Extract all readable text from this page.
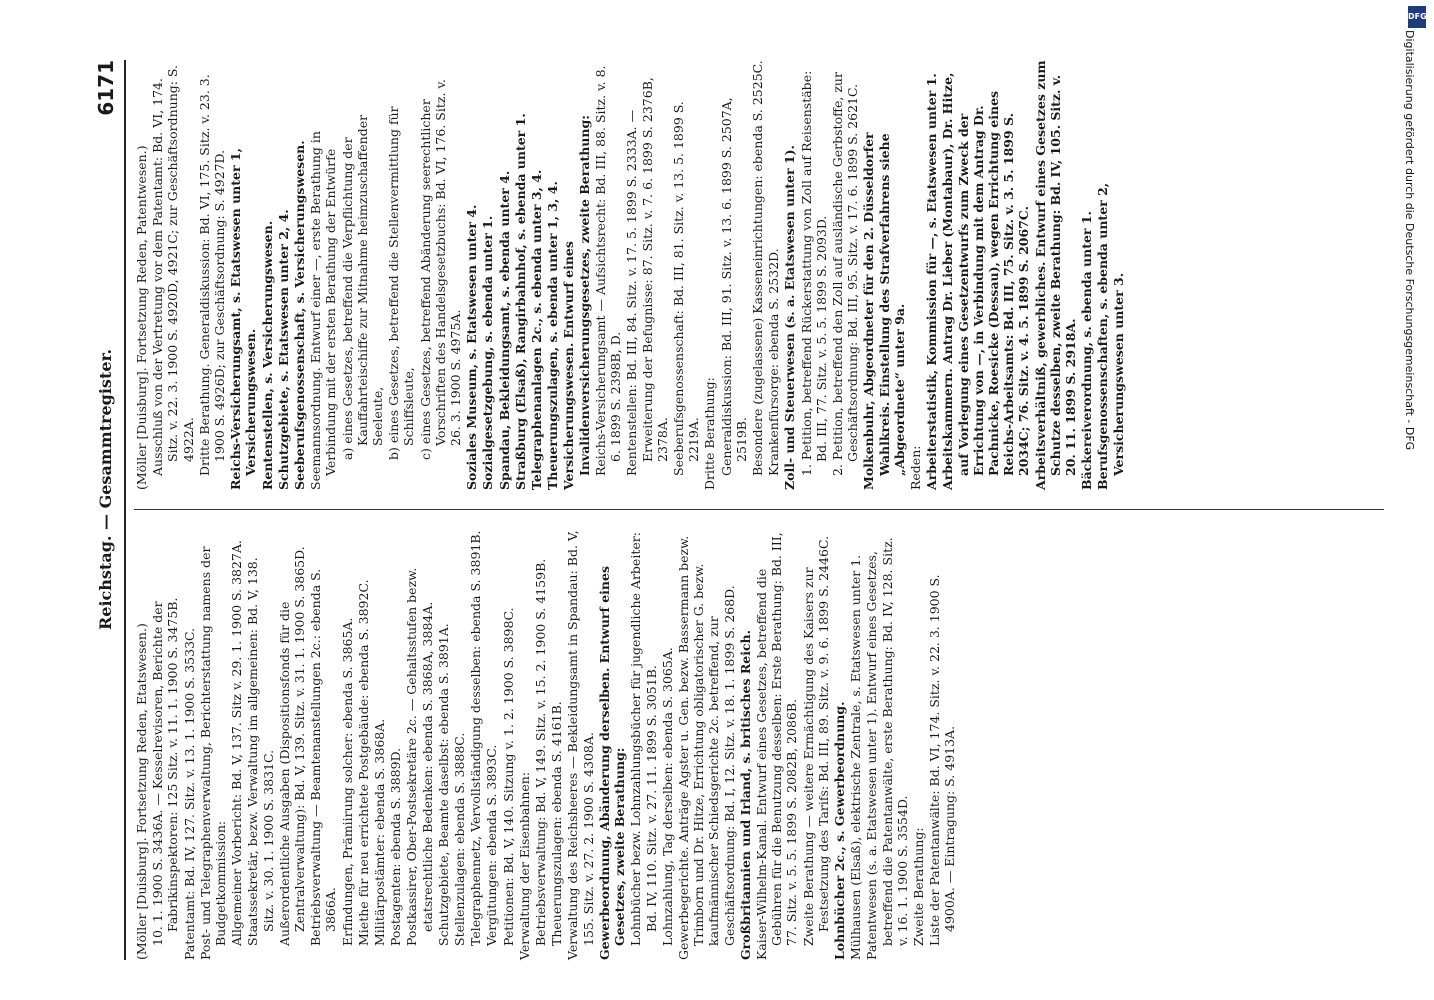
Reichstag. — Gesammtregister.
6171

(Möller [Duisburg]. Fortsetzung Reden, Etatswesen.) 10. 1. 1900 S. 3436A. — Kesselrevisoren, Berichte der Fabrikinspektoren: 125 Sitz. v. 11. 1. 1900 S. 3475B. Patentamt: Bd. IV, 127. Sitz. v. 13. 1. 1900 S. 3533C. Post- und Telegraphenverwaltung, Berichterstattung namens der Budgetkommission: Allgemeiner Vorbericht: Bd. V, 137. Sitz v. 29. 1. 1900 S. 3827A. Staatssekretär, bezw. Verwaltung im allgemeinen: Bd. V, 138. Sitz. v. 30. 1. 1900 S. 3831C. Außerordentliche Ausgaben (Dispositionsfonds für die Zentralverwaltung): Bd. V, 139. Sitz. v. 31. 1. 1900 S. 3865D. Betriebsverwaltung — Beamtenanstellungen 2c.: ebenda S. 3866A. Erfindungen, Prämiirung solcher: ebenda S. 3865A. Miethe für neu errichtete Postgebäude: ebenda S. 3892C. Militärpostämter: ebenda S. 3868A. Postagenten: ebenda S. 3889D. Postkassirer, Ober-Postsekretäre 2c. — Gehaltsstufen bezw. etatsrechtliche Bedenken: ebenda S. 3868A, 3884A. Schutzgebiete, Beamte daselbst: ebenda S. 3891A. Stellenzulagen: ebenda S. 3888C. Telegraphennetz, Vervollständigung desselben: ebenda S. 3891B. Vergütungen: ebenda S. 3893C. Petitionen: Bd. V, 140. Sitzung v. 1. 2. 1900 S. 3898C. Verwaltung der Eisenbahnen: Betriebsverwaltung: Bd. V, 149. Sitz. v. 15. 2. 1900 S. 4159B. Theuerungszulagen: ebenda S. 4161B. Verwaltung des Reichsheeres — Bekleidungsamt in Spandau: Bd. V, 155. Sitz. v. 27. 2. 1900 S. 4308A. Gewerbeordnung, Abänderung derselben. Entwurf eines Gesetzes, zweite Berathung: Lohnbücher bezw. Lohnzahlungsbücher für jugendliche Arbeiter: Bd. IV, 110. Sitz. v. 27. 11. 1899 S. 3051B. Lohnzahlung, Tag derselben: ebenda S. 3065A. Gewerbegerichte. Anträge Agster u. Gen. bezw. Bassermann bezw. Trimborn und Dr. Hitze, Errichtung obligatorischer G. bezw. kaufmännischer Schiedsgerichte 2c. betreffend, zur Geschäftsordnung: Bd. I, 12. Sitz. v. 18. 1. 1899 S. 268D. Großbritannien und Irland, s. britisches Reich. Kaiser-Wilhelm-Kanal. Entwurf eines Gesetzes, betreffend die Gebühren für die Benutzung desselben: Erste Berathung: Bd. III, 77. Sitz. v. 5. 5. 1899 S. 2082B, 2086B. Zweite Berathung — weitere Ermächtigung des Kaisers zur Festsetzung des Tarifs: Bd. III, 89. Sitz. v. 9. 6. 1899 S. 2446C. Lohnbücher 2c., s. Gewerbeordnung. Mülhausen (Elsaß), elektrische Zentrale, s. Etatswesen unter 1. Patentwesen (s. a. Etatswesen unter 1). Entwurf eines Gesetzes, betreffend die Patentanwälte, erste Berathung: Bd. IV, 128. Sitz. v. 16. 1. 1900 S. 3554D. Zweite Berathung: Liste der Patentanwälte: Bd. VI, 174. Sitz. v. 22. 3. 1900 S. 4900A. — Eintragung: S. 4913A.

(Möller [Duisburg]. Fortsetzung Reden, Patentwesen.) Ausschluß von der Vertretung vor dem Patentamt: Bd. VI, 174. Sitz. v. 22. 3. 1900 S. 4920D, 4921C; zur Geschäftsordnung: S. 4922A. Dritte Berathung. Generaldiskussion: Bd. VI, 175. Sitz. v. 23. 3. 1900 S. 4926D; zur Geschäftsordnung: S. 4927D. Reichs-Versicherungsamt, s. Etatswesen unter 1, Versicherungswesen. Rentenstellen, s. Versicherungswesen. Schutzgebiete, s. Etatswesen unter 2, 4. Seeberufsgenossenschaft, s. Versicherungswesen. Seemannsordnung. Entwurf einer —, erste Berathung in Verbindung mit der ersten Berathung der Entwürfe a) eines Gesetzes, betreffend die Verpflichtung der Kauffahrteischiffe zur Mitnahme heimzuschaffender Seeleute, b) eines Gesetzes, betreffend die Stellenvermittlung für Schiffsleute, c) eines Gesetzes, betreffend Abänderung seerechtlicher Vorschriften des Handelsgesetzbuchs: Bd. VI, 176. Sitz. v. 26. 3. 1900 S. 4975A. Soziales Museum, s. Etatswesen unter 4. Sozialgesetzgebung, s. ebenda unter 1. Spandau, Bekleidungsamt, s. ebenda unter 4. Straßburg (Elsaß), Rangirbahnhof, s. ebenda unter 1. Telegraphenanlagen 2c., s. ebenda unter 3, 4. Theuerungszulagen, s. ebenda unter 1, 3, 4. Versicherungswesen. Entwurf eines Invalidenversicherungsgesetzes, zweite Berathung: Reichs-Versicherungsamt — Aufsichtsrecht: Bd. III, 88. Sitz. v. 8. 6. 1899 S. 2398B, D. Rentenstellen: Bd. III, 84. Sitz. v. 17. 5. 1899 S. 2333A. — Erweiterung der Befugnisse: 87. Sitz. v. 7. 6. 1899 S. 2376B, 2378A. Seeberufsgenossenschaft: Bd. III, 81. Sitz. v. 13. 5. 1899 S. 2219A. Dritte Berathung: Generaldiskussion: Bd. III, 91. Sitz. v. 13. 6. 1899 S. 2507A, 2519B. Besondere (zugelassene) Kasseneinrichtungen: ebenda S. 2525C. Krankenfürsorge: ebenda S. 2532D. Zoll- und Steuerwesen (s. a. Etatswesen unter 1). 1. Petition, betreffend Rückerstattung von Zoll auf Reisenstäbe: Bd. III, 77. Sitz. v. 5. 5. 1899 S. 2093D. 2. Petition, betreffend den Zoll auf ausländische Gerbstoffe, zur Geschäftsordnung: Bd. III, 95. Sitz. v. 17. 6. 1899 S. 2621C. Molkenbuhr, Abgeordneter für den 2. Düsseldorfer Wahlkreis. Einstellung des Strafverfahrens siehe „Abgeordnete“ unter 9a. Reden: Arbeiterstatistik, Kommission für —, s. Etatswesen unter 1. Arbeitskammern. Antrag Dr. Lieber (Montabaur), Dr. Hitze, auf Vorlegung eines Gesetzentwurfs zum Zweck der Errichtung von —, in Verbindung mit dem Antrag Dr. Pachnicke, Roesicke (Dessau), wegen Errichtung eines Reichs-Arbeitsamts: Bd. III, 75. Sitz. v. 3. 5. 1899 S. 2034C; 76. Sitz. v. 4. 5. 1899 S. 2067C. Arbeitsverhältniß, gewerbliches. Entwurf eines Gesetzes zum Schutze desselben, zweite Berathung: Bd. IV, 105. Sitz. v. 20. 11. 1899 S. 2918A. Bäckereiverordnung, s. ebenda unter 1. Berufsgenossenschaften, s. ebenda unter 2, Versicherungswesen unter 3.

DFG
Digitalisierung gefördert durch die Deutsche Forschungsgemeinschaft - DFG
